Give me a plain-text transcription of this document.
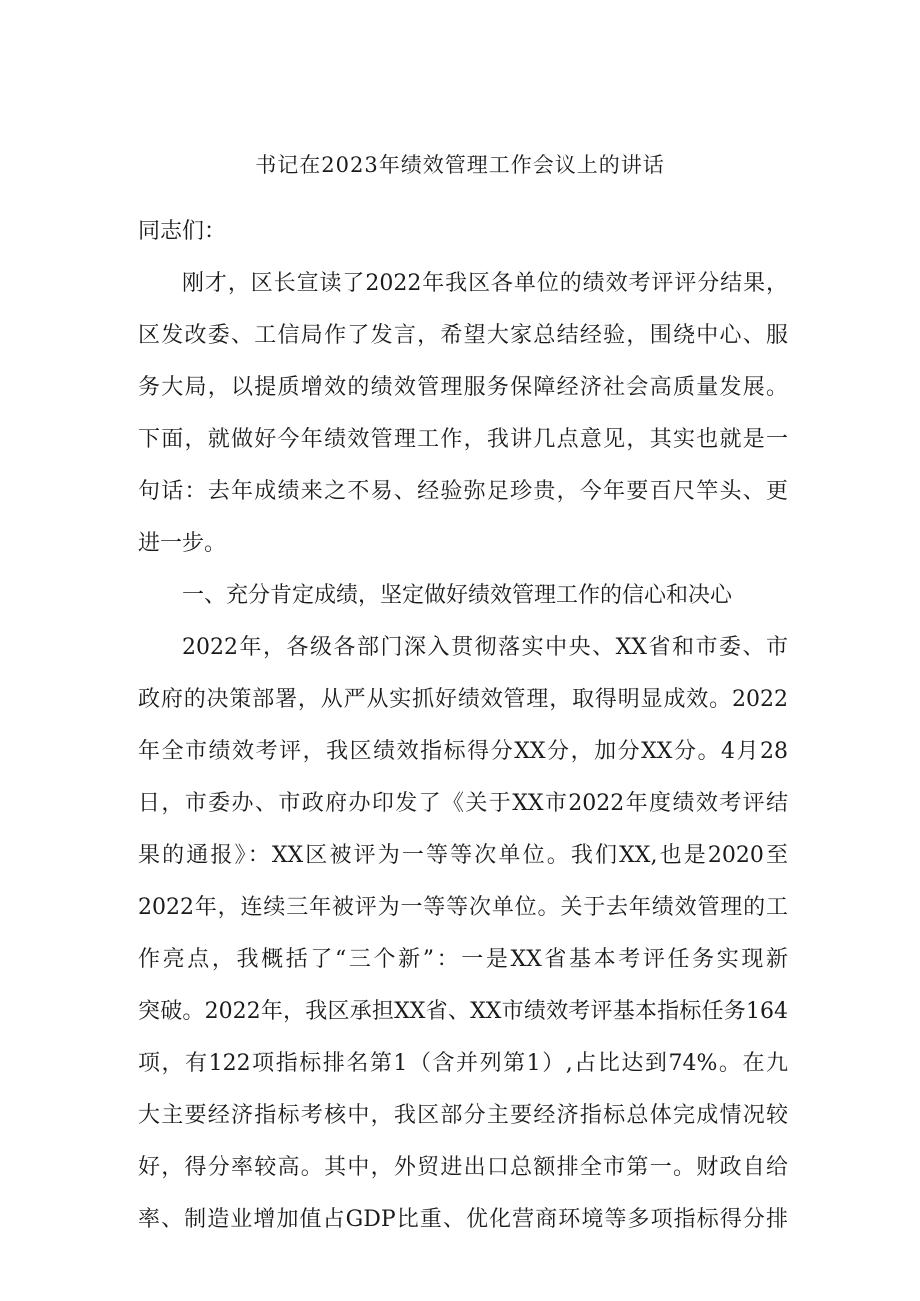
书记在2023年绩效管理工作会议上的讲话
同志们：
刚才，区长宣读了2022年我区各单位的绩效考评评分结果，
区发改委、工信局作了发言，希望大家总结经验，围绕中心、服
务大局，以提质增效的绩效管理服务保障经济社会高质量发展。
下面，就做好今年绩效管理工作，我讲几点意见，其实也就是一
句话：去年成绩来之不易、经验弥足珍贵，今年要百尺竿头、更
进一步。
一、充分肯定成绩，坚定做好绩效管理工作的信心和决心
2022年，各级各部门深入贯彻落实中央、XX省和市委、市
政府的决策部署，从严从实抓好绩效管理，取得明显成效。2022
年全市绩效考评，我区绩效指标得分XX分，加分XX分。4月28
日，市委办、市政府办印发了《关于XX市2022年度绩效考评结
果的通报》：XX区被评为一等等次单位。我们XX,也是2020至
2022年，连续三年被评为一等等次单位。关于去年绩效管理的工
作亮点，我概括了“三个新”：一是XX省基本考评任务实现新
突破。2022年，我区承担XX省、XX市绩效考评基本指标任务164
项，有122项指标排名第1（含并列第1）,占比达到74%。在九
大主要经济指标考核中，我区部分主要经济指标总体完成情况较
好，得分率较高。其中，外贸进出口总额排全市第一。财政自给
率、制造业增加值占GDP比重、优化营商环境等多项指标得分排
